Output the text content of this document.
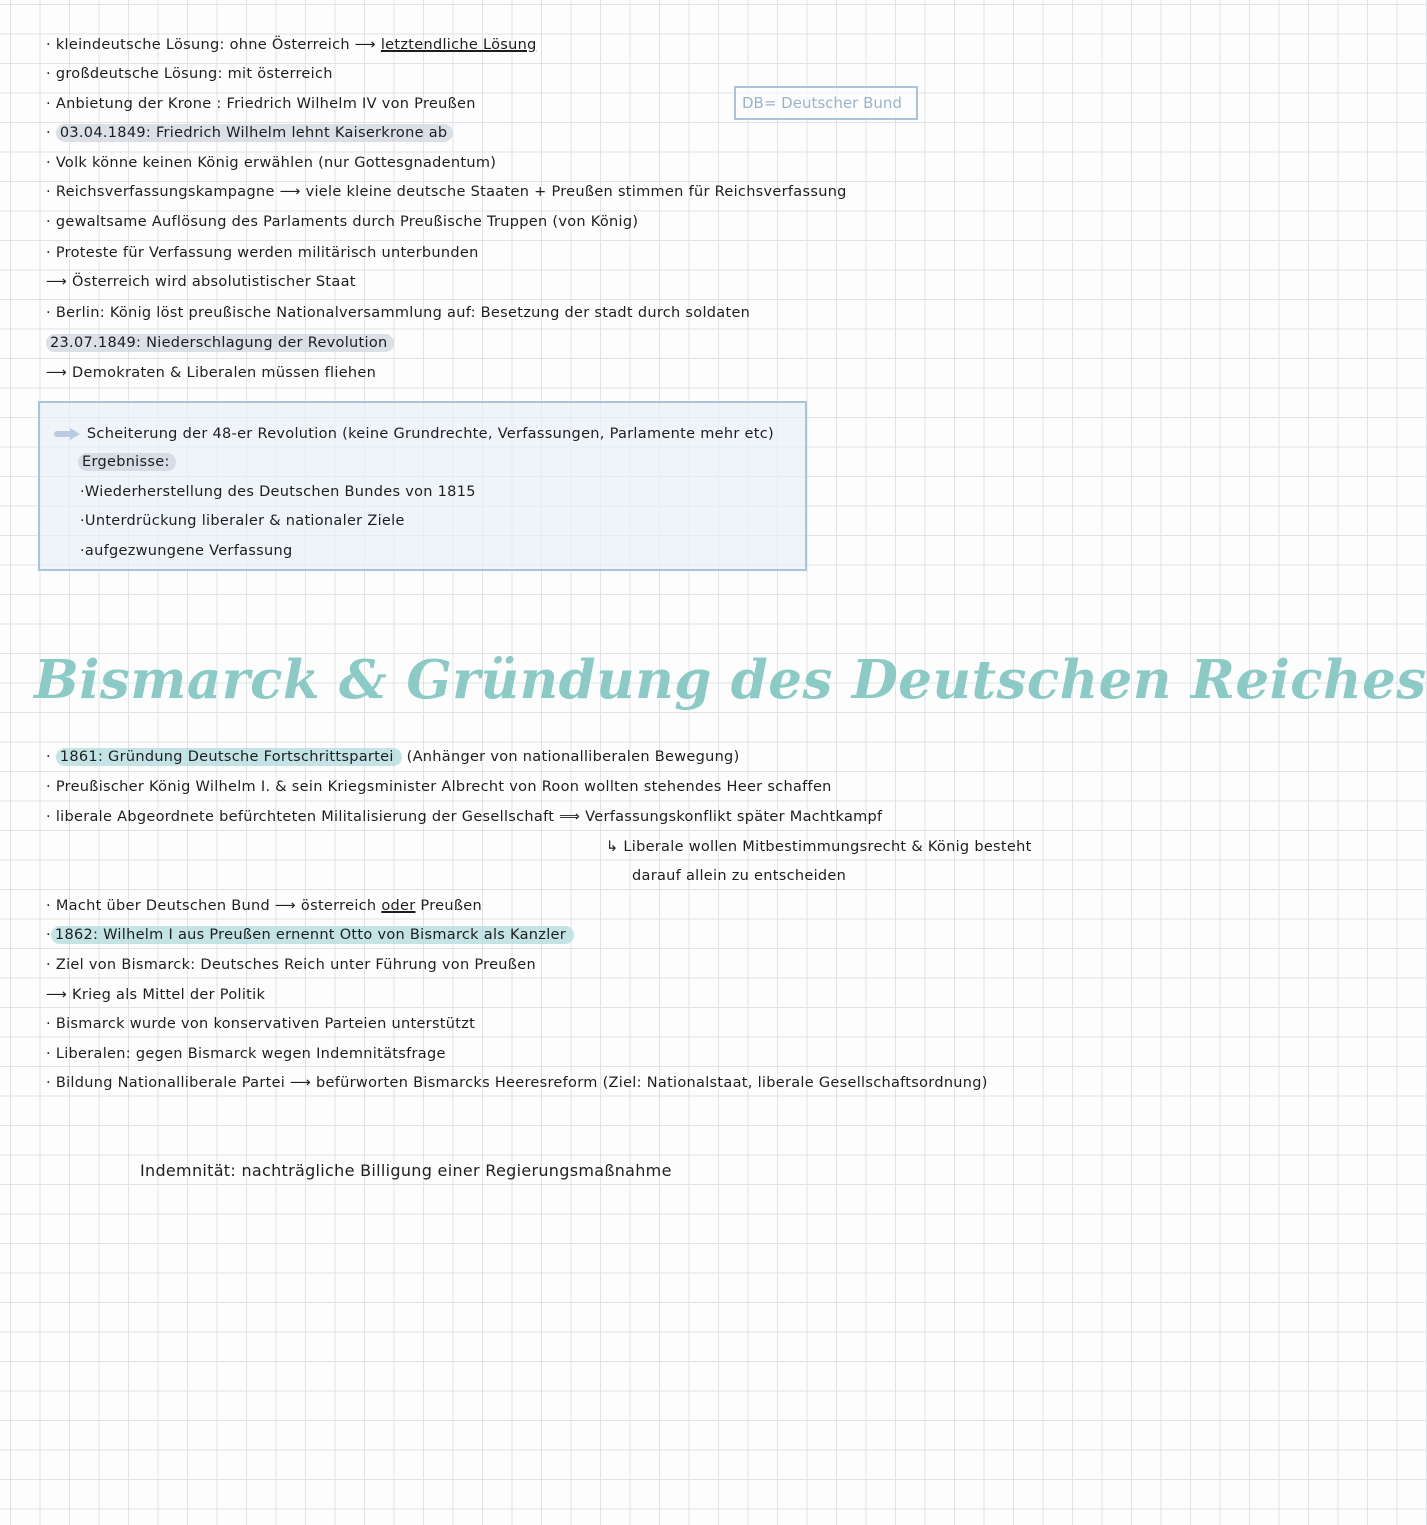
· kleindeutsche Lösung: ohne Österreich ⟶ letztendliche Lösung
· großdeutsche Lösung: mit österreich
· Anbietung der Krone : Friedrich Wilhelm IV von Preußen
· 03.04.1849: Friedrich Wilhelm lehnt Kaiserkrone ab
· Volk könne keinen König erwählen (nur Gottesgnadentum)
· Reichsverfassungskampagne ⟶ viele kleine deutsche Staaten + Preußen stimmen für Reichsverfassung
· gewaltsame Auflösung des Parlaments durch Preußische Truppen (von König)
· Proteste für Verfassung werden militärisch unterbunden
⟶ Österreich wird absolutistischer Staat
· Berlin: König löst preußische Nationalversammlung auf: Besetzung der stadt durch soldaten
23.07.1849: Niederschlagung der Revolution
⟶ Demokraten & Liberalen müssen fliehen
DB= Deutscher Bund
Scheiterung der 48-er Revolution (keine Grundrechte, Verfassungen, Parlamente mehr etc)
Ergebnisse:
·Wiederherstellung des Deutschen Bundes von 1815
·Unterdrückung liberaler & nationaler Ziele
·aufgezwungene Verfassung
Bismarck & Gründung des Deutschen Reiches
· 1861: Gründung Deutsche Fortschrittspartei (Anhänger von nationalliberalen Bewegung)
· Preußischer König Wilhelm I. & sein Kriegsminister Albrecht von Roon wollten stehendes Heer schaffen
· liberale Abgeordnete befürchteten Militalisierung der Gesellschaft ⟹ Verfassungskonflikt später Machtkampf
↳ Liberale wollen Mitbestimmungsrecht & König besteht
darauf allein zu entscheiden
· Macht über Deutschen Bund ⟶ österreich oder Preußen
· 1862: Wilhelm I aus Preußen ernennt Otto von Bismarck als Kanzler
· Ziel von Bismarck: Deutsches Reich unter Führung von Preußen
⟶ Krieg als Mittel der Politik
· Bismarck wurde von konservativen Parteien unterstützt
· Liberalen: gegen Bismarck wegen Indemnitätsfrage
· Bildung Nationalliberale Partei ⟶ befürworten Bismarcks Heeresreform (Ziel: Nationalstaat, liberale Gesellschaftsordnung)
Indemnität: nachträgliche Billigung einer Regierungsmaßnahme
